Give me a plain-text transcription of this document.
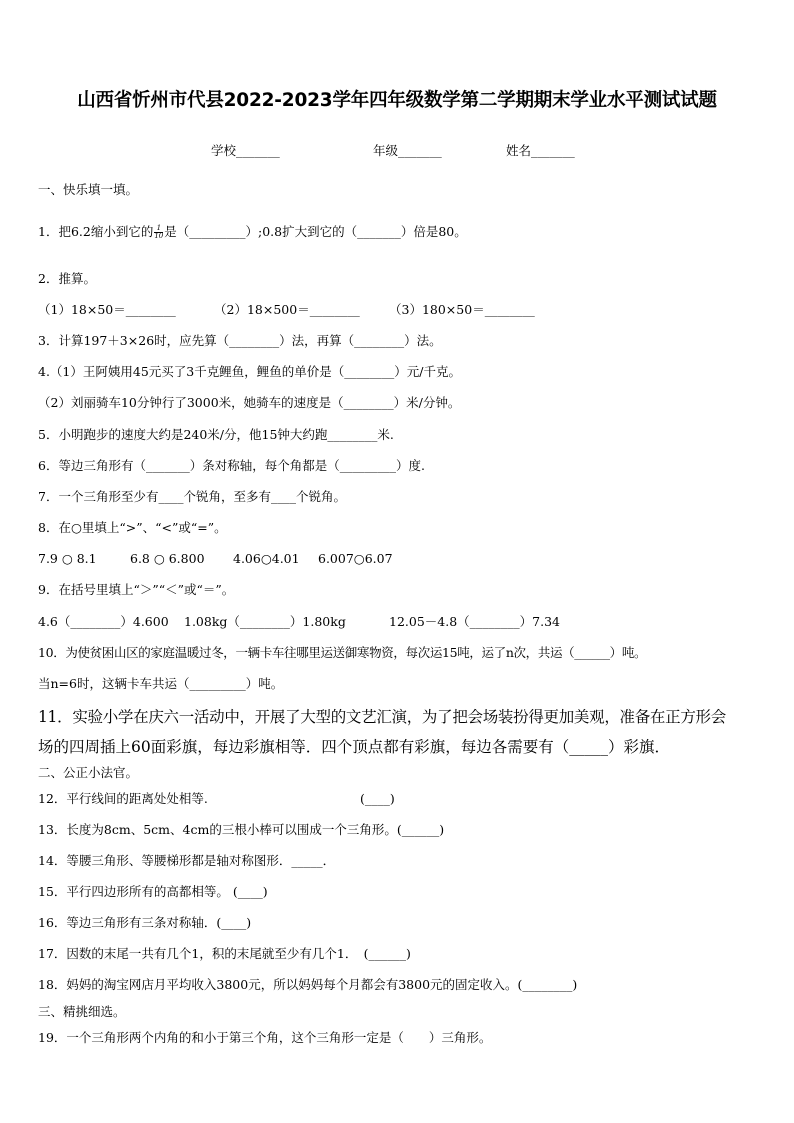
山西省忻州市代县2022-2023学年四年级数学第二学期期末学业水平测试试题
学校_______	年级_______	姓名_______
一、快乐填一填。
1．把6.2缩小到它的 $\frac{1}{10}$ 是（_________）;0.8扩大到它的（_______）倍是80。
2．推算。
（1）18×50＝________	（2）18×500＝________ （3）180×50＝________
3．计算197＋3×26时，应先算（________）法，再算（________）法。
4.（1）王阿姨用45元买了3千克鲤鱼，鲤鱼的单价是（________）元/千克。
（2）刘丽骑车10分钟行了3000米，她骑车的速度是（________）米/分钟。
5．小明跑步的速度大约是240米/分，他15钟大约跑________米.
6．等边三角形有（_______）条对称轴，每个角都是（_________）度.
7．一个三角形至少有____个锐角，至多有____个锐角。
8．在○里填上“>”、“<”或“=”。
7.9 ○ 8.1	6.8 ○ 6.800 4.06○4.01 6.007○6.07
9．在括号里填上“＞”“＜”或“＝”。
4.6（________）4.600 1.08kg（________）1.80kg	12.05－4.8（________）7.34
10．为使贫困山区的家庭温暖过冬，一辆卡车往哪里运送御寒物资，每次运15吨，运了n次，共运（______）吨。
当n=6时，这辆卡车共运（_________）吨。
11．实验小学在庆六一活动中，开展了大型的文艺汇演，为了把会场装扮得更加美观，准备在正方形会
场的四周插上60面彩旗，每边彩旗相等．四个顶点都有彩旗，每边各需要有（_____）彩旗．
二、公正小法官。
12．平行线间的距离处处相等.	(____)
13．长度为8cm、5cm、4cm的三根小棒可以围成一个三角形。(______)
14．等腰三角形、等腰梯形都是轴对称图形．_____．
15．平行四边形所有的高都相等。 (____)
16．等边三角形有三条对称轴．(____)
17．因数的末尾一共有几个1，积的末尾就至少有几个1．　(______)
18．妈妈的淘宝网店月平均收入3800元，所以妈妈每个月都会有3800元的固定收入。(________)
三、精挑细选。
19．一个三角形两个内角的和小于第三个角，这个三角形一定是（　　）三角形。
